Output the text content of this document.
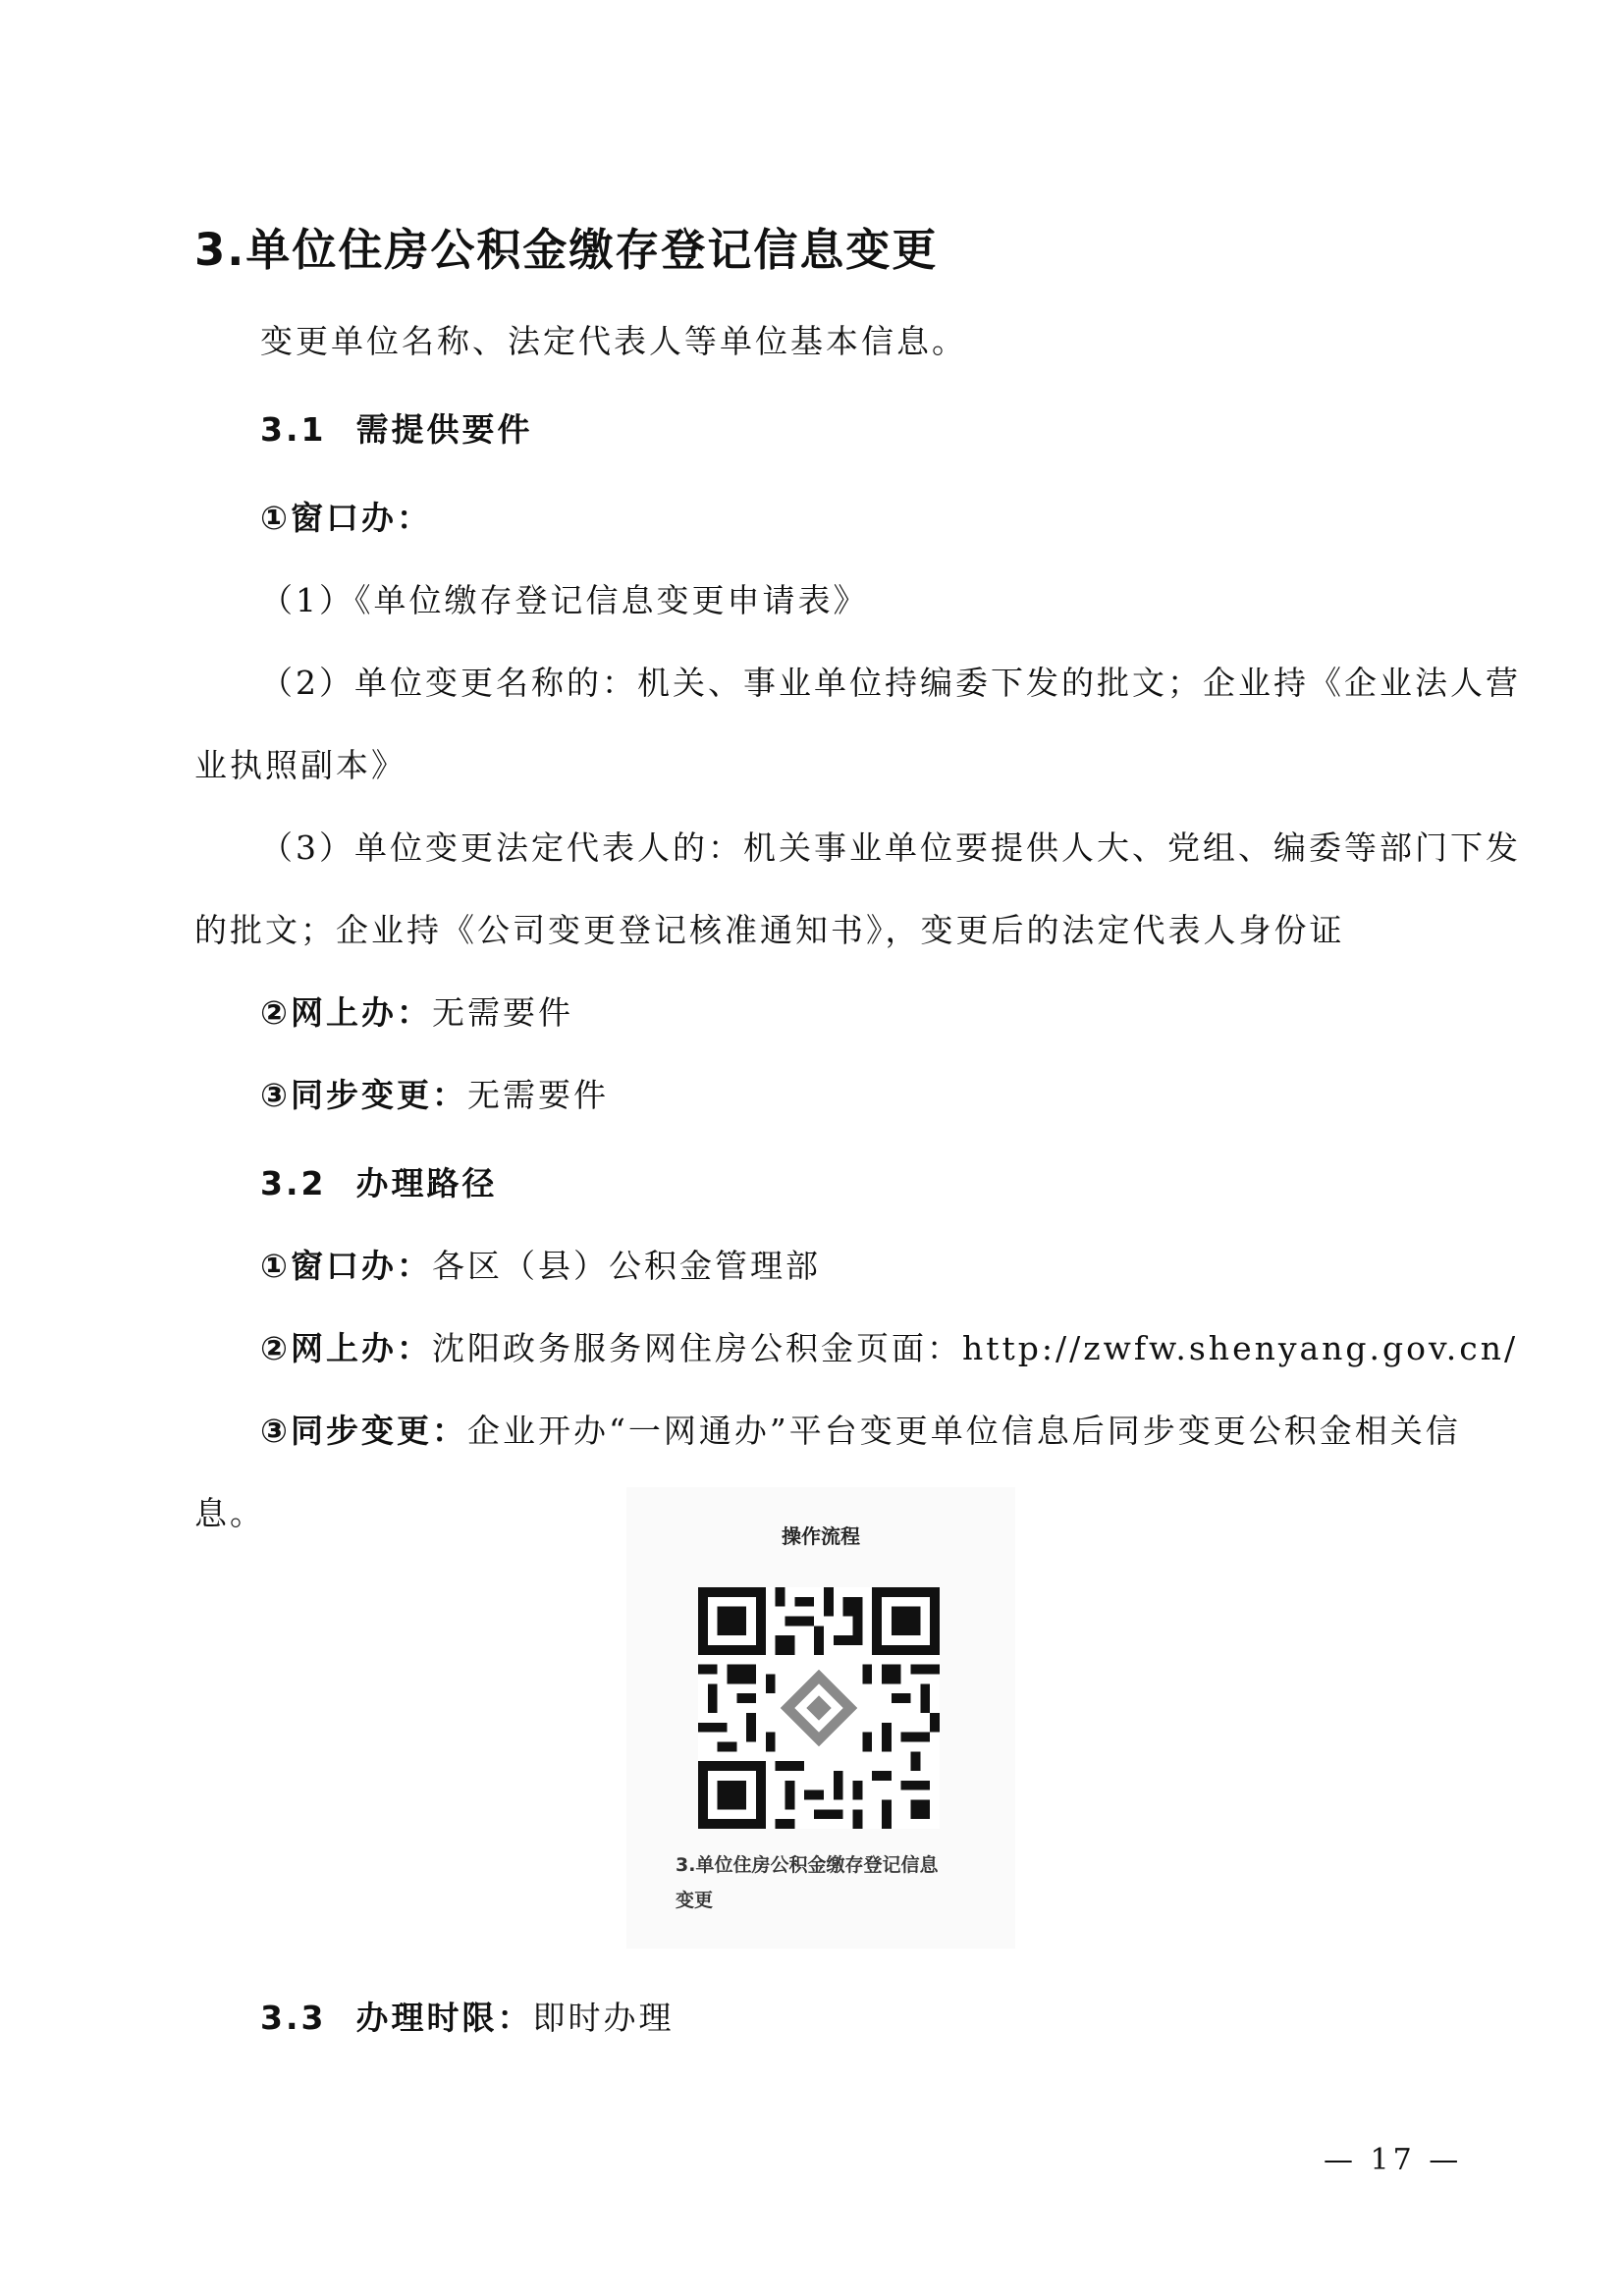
3.单位住房公积金缴存登记信息变更
变更单位名称、法定代表人等单位基本信息。
3.1 需提供要件
①窗口办：
（1）《单位缴存登记信息变更申请表》
（2）单位变更名称的：机关、事业单位持编委下发的批文；企业持《企业法人营
业执照副本》
（3）单位变更法定代表人的：机关事业单位要提供人大、党组、编委等部门下发
的批文；企业持《公司变更登记核准通知书》，变更后的法定代表人身份证
②网上办：无需要件
③同步变更：无需要件
3.2 办理路径
①窗口办：各区（县）公积金管理部
②网上办：沈阳政务服务网住房公积金页面：http://zwfw.shenyang.gov.cn/
③同步变更：企业开办“一网通办”平台变更单位信息后同步变更公积金相关信
息。
操作流程
3.单位住房公积金缴存登记信息
变更
3.3 办理时限：即时办理
— 17 —
